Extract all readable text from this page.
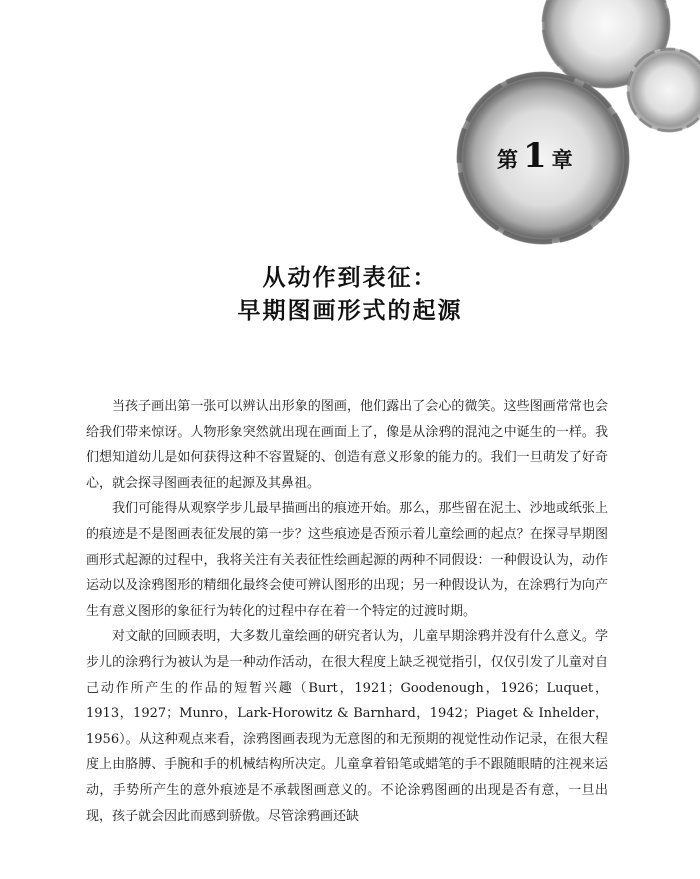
第 1 章
从动作到表征：
早期图画形式的起源

当孩子画出第一张可以辨认出形象的图画，他们露出了会心的微笑。这些图画常常也会给我们带来惊讶。人物形象突然就出现在画面上了，像是从涂鸦的混沌之中诞生的一样。我们想知道幼儿是如何获得这种不容置疑的、创造有意义形象的能力的。我们一旦萌发了好奇心，就会探寻图画表征的起源及其鼻祖。

我们可能得从观察学步儿最早描画出的痕迹开始。那么，那些留在泥土、沙地或纸张上的痕迹是不是图画表征发展的第一步？这些痕迹是否预示着儿童绘画的起点？在探寻早期图画形式起源的过程中，我将关注有关表征性绘画起源的两种不同假设：一种假设认为，动作运动以及涂鸦图形的精细化最终会使可辨认图形的出现；另一种假设认为，在涂鸦行为向产生有意义图形的象征行为转化的过程中存在着一个特定的过渡时期。

对文献的回顾表明，大多数儿童绘画的研究者认为，儿童早期涂鸦并没有什么意义。学步儿的涂鸦行为被认为是一种动作活动，在很大程度上缺乏视觉指引，仅仅引发了儿童对自己动作所产生的作品的短暂兴趣（Burt，1921；Goodenough，1926；Luquet，1913，1927；Munro，Lark-Horowitz & Barnhard，1942；Piaget & Inhelder，1956）。从这种观点来看，涂鸦图画表现为无意图的和无预期的视觉性动作记录，在很大程度上由胳膊、手腕和手的机械结构所决定。儿童拿着铅笔或蜡笔的手不跟随眼睛的注视来运动，手势所产生的意外痕迹是不承载图画意义的。不论涂鸦图画的出现是否有意，一旦出现，孩子就会因此而感到骄傲。尽管涂鸦画还缺
